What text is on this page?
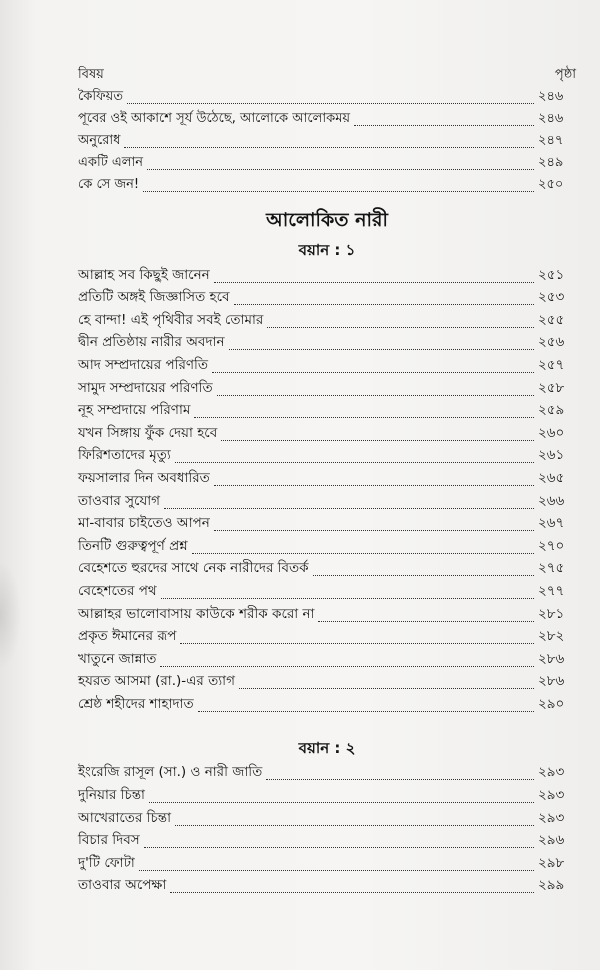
বিষয়	পৃষ্ঠা
কৈফিয়ত	২৪৬
পূবের ওই আকাশে সূর্য উঠেছে, আলোকে আলোকময়	২৪৬
অনুরোধ	২৪৭
একটি এলান	২৪৯
কে সে জন!	২৫০
আলোকিত নারী
বয়ান : ১
আল্লাহ সব কিছুই জানেন	২৫১
প্রতিটি অঙ্গই জিজ্ঞাসিত হবে	২৫৩
হে বান্দা! এই পৃথিবীর সবই তোমার	২৫৫
দ্বীন প্রতিষ্ঠায় নারীর অবদান	২৫৬
আদ সম্প্রদায়ের পরিণতি	২৫৭
সামুদ সম্প্রদায়ের পরিণতি	২৫৮
নূহ সম্প্রদায়ে পরিণাম	২৫৯
যখন সিঙ্গায় ফুঁক দেয়া হবে	২৬০
ফিরিশতাদের মৃত্যু	২৬১
ফয়সালার দিন অবধারিত	২৬৫
তাওবার সুযোগ	২৬৬
মা-বাবার চাইতেও আপন	২৬৭
তিনটি গুরুত্বপূর্ণ প্রশ্ন	২৭০
বেহেশতে হুরদের সাথে নেক নারীদের বিতর্ক	২৭৫
বেহেশতের পথ	২৭৭
আল্লাহর ভালোবাসায় কাউকে শরীক করো না	২৮১
প্রকৃত ঈমানের রূপ	২৮২
খাতুনে জান্নাত	২৮৬
হযরত আসমা (রা.)-এর ত্যাগ	২৮৬
শ্রেষ্ঠ শহীদের শাহাদাত	২৯০
বয়ান : ২
ইংরেজি রাসূল (সা.) ও নারী জাতি	২৯৩
দুনিয়ার চিন্তা	২৯৩
আখেরাতের চিন্তা	২৯৩
বিচার দিবস	২৯৬
দু'টি ফোটা	২৯৮
তাওবার অপেক্ষা	২৯৯
